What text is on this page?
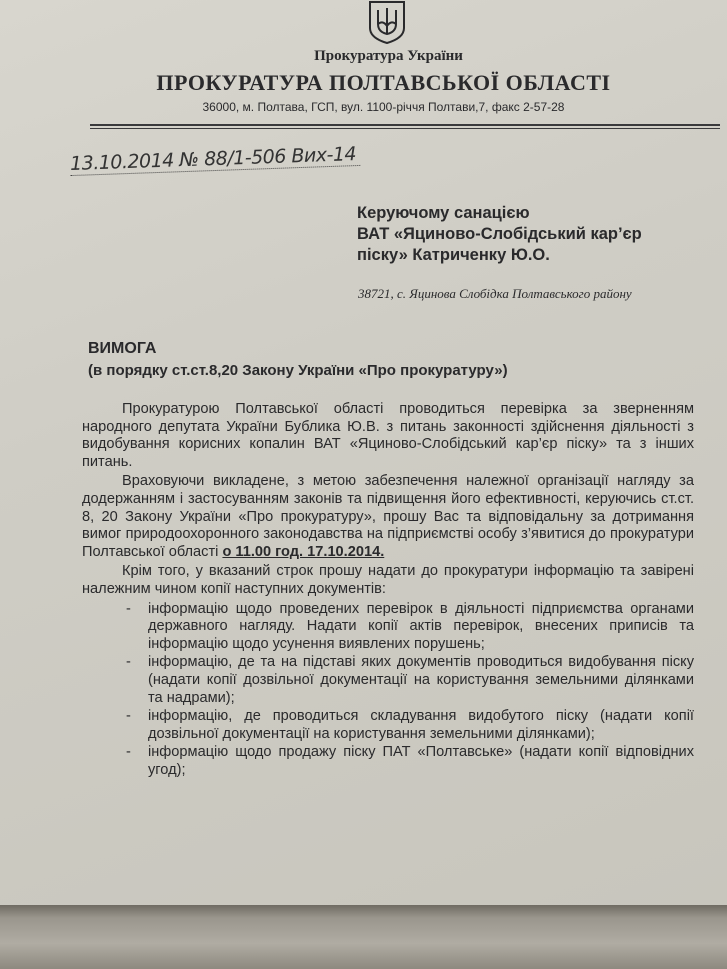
Прокуратура України
ПРОКУРАТУРА ПОЛТАВСЬКОЇ ОБЛАСТІ
36000, м. Полтава, ГСП, вул. 1100-річчя Полтави,7, факс 2-57-28
13.10.2014 № 88/1-506 Вих-14
Керуючому санацією
ВАТ «Яциново-Слобідський кар’єр
піску» Катриченку Ю.О.
38721, с. Яцинова Слобідка Полтавського району
ВИМОГА
(в порядку ст.ст.8,20 Закону України «Про прокуратуру»)

Прокуратурою Полтавської області проводиться перевірка за зверненням народного депутата України Бублика Ю.В. з питань законності здійснення діяльності з видобування корисних копалин ВАТ «Яциново-Слобідський кар’єр піску» та з інших питань.

Враховуючи викладене, з метою забезпечення належної організації нагляду за додержанням і застосуванням законів та підвищення його ефективності, керуючись ст.ст. 8, 20 Закону України «Про прокуратуру», прошу Вас та відповідальну за дотримання вимог природоохоронного законодавства на підприємстві особу з’явитися до прокуратури Полтавської області о 11.00 год. 17.10.2014.

Крім того, у вказаний строк прошу надати до прокуратури інформацію та завірені належним чином копії наступних документів:

- інформацію щодо проведених перевірок в діяльності підприємства органами державного нагляду. Надати копії актів перевірок, внесених приписів та інформацію щодо усунення виявлених порушень;
- інформацію, де та на підставі яких документів проводиться видобування піску (надати копії дозвільної документації на користування земельними ділянками та надрами);
- інформацію, де проводиться складування видобутого піску (надати копії дозвільної документації на користування земельними ділянками);
- інформацію щодо продажу піску ПАТ «Полтавське» (надати копії відповідних угод);
